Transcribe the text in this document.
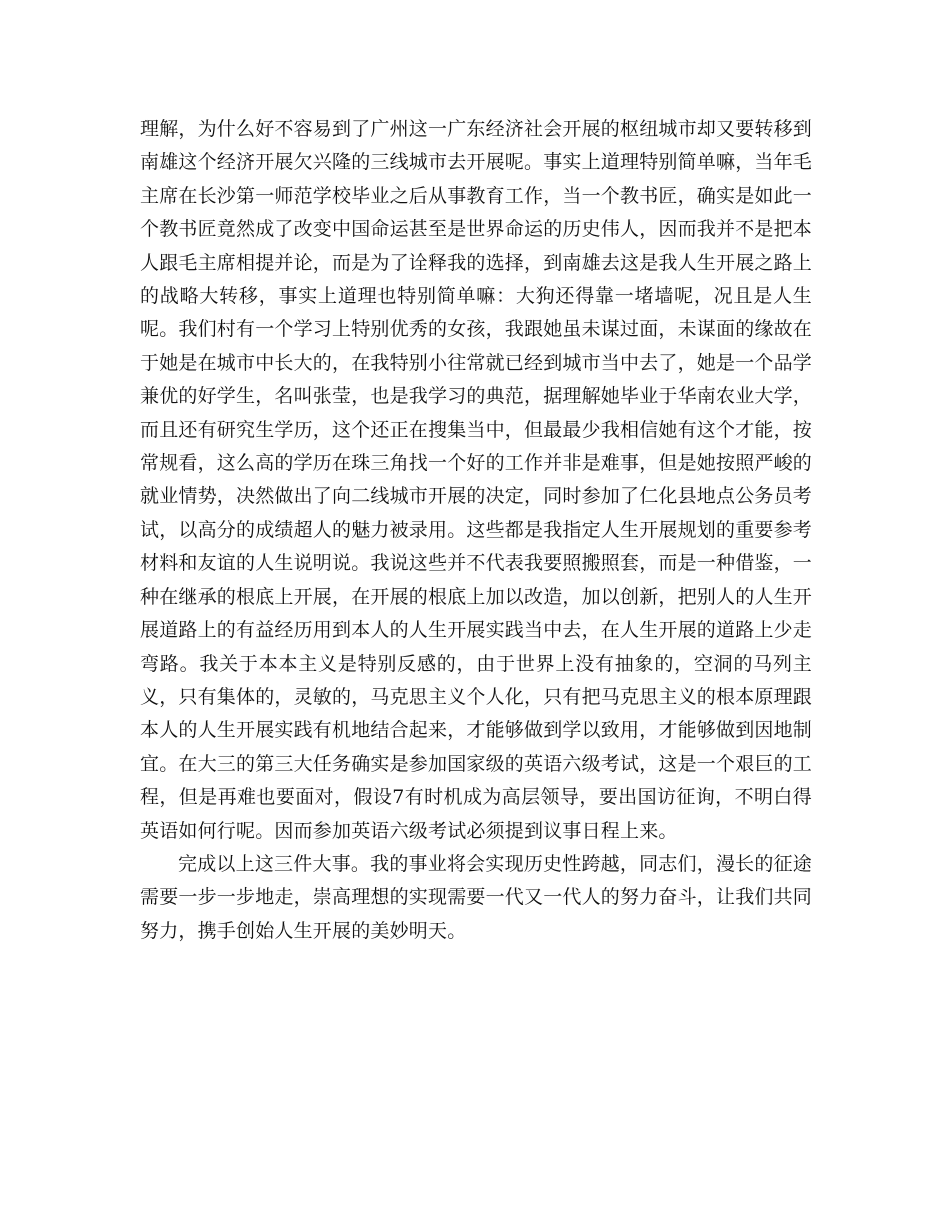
理解，为什么好不容易到了广州这一广东经济社会开展的枢纽城市却又要转移到南雄这个经济开展欠兴隆的三线城市去开展呢。事实上道理特别简单嘛，当年毛主席在长沙第一师范学校毕业之后从事教育工作，当一个教书匠，确实是如此一个教书匠竟然成了改变中国命运甚至是世界命运的历史伟人，因而我并不是把本人跟毛主席相提并论，而是为了诠释我的选择，到南雄去这是我人生开展之路上的战略大转移，事实上道理也特别简单嘛：大狗还得靠一堵墙呢，况且是人生呢。我们村有一个学习上特别优秀的女孩，我跟她虽未谋过面，未谋面的缘故在于她是在城市中长大的，在我特别小往常就已经到城市当中去了，她是一个品学兼优的好学生，名叫张莹，也是我学习的典范，据理解她毕业于华南农业大学，而且还有研究生学历，这个还正在搜集当中，但最最少我相信她有这个才能，按常规看，这么高的学历在珠三角找一个好的工作并非是难事，但是她按照严峻的就业情势，决然做出了向二线城市开展的决定，同时参加了仁化县地点公务员考试，以高分的成绩超人的魅力被录用。这些都是我指定人生开展规划的重要参考材料和友谊的人生说明说。我说这些并不代表我要照搬照套，而是一种借鉴，一种在继承的根底上开展，在开展的根底上加以改造，加以创新，把别人的人生开展道路上的有益经历用到本人的人生开展实践当中去，在人生开展的道路上少走弯路。我关于本本主义是特别反感的，由于世界上没有抽象的，空洞的马列主义，只有集体的，灵敏的，马克思主义个人化，只有把马克思主义的根本原理跟本人的人生开展实践有机地结合起来，才能够做到学以致用，才能够做到因地制宜。在大三的第三大任务确实是参加国家级的英语六级考试，这是一个艰巨的工程，但是再难也要面对，假设7有时机成为高层领导，要出国访征询，不明白得英语如何行呢。因而参加英语六级考试必须提到议事日程上来。

完成以上这三件大事。我的事业将会实现历史性跨越，同志们，漫长的征途需要一步一步地走，崇高理想的实现需要一代又一代人的努力奋斗，让我们共同努力，携手创始人生开展的美妙明天。
